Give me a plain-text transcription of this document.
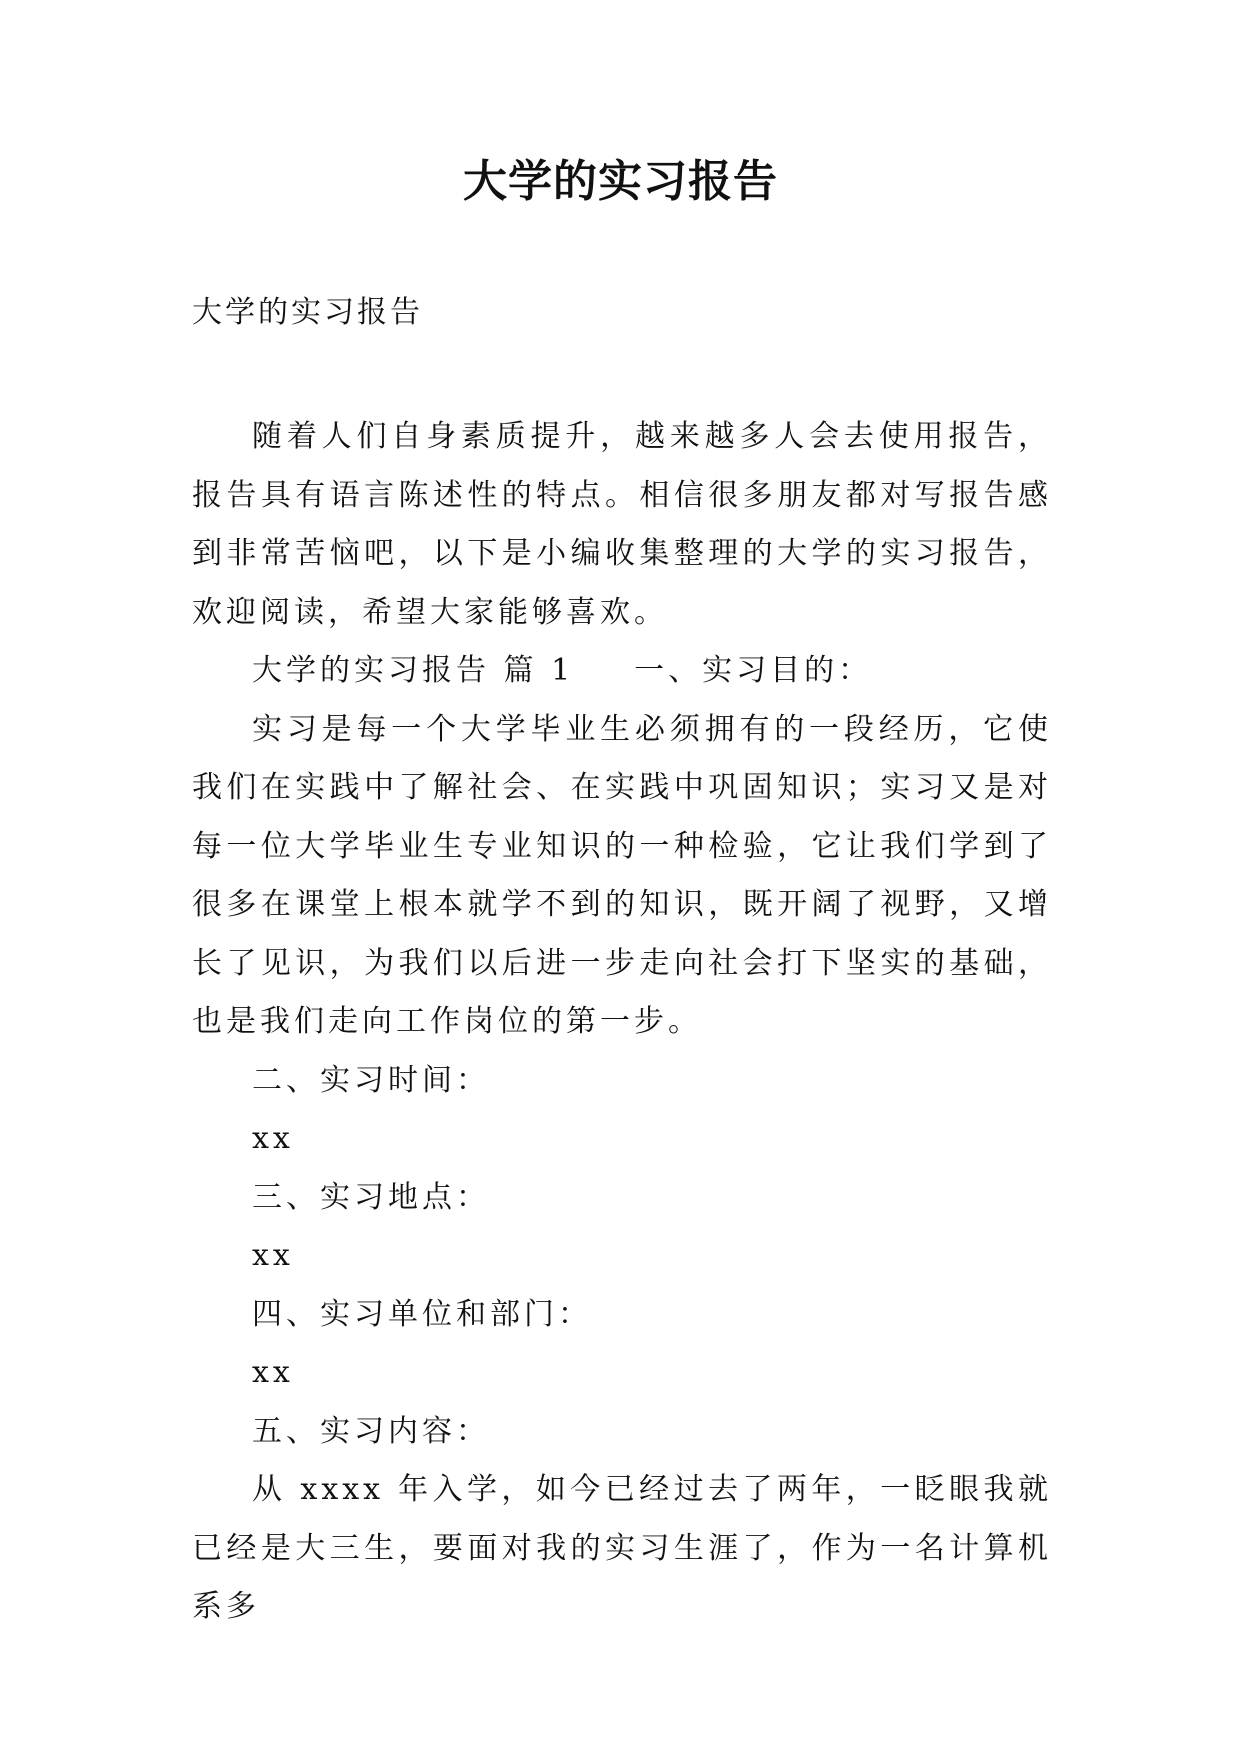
大学的实习报告
大学的实习报告

随着人们自身素质提升，越来越多人会去使用报告，报告具有语言陈述性的特点。相信很多朋友都对写报告感到非常苦恼吧，以下是小编收集整理的大学的实习报告，欢迎阅读，希望大家能够喜欢。

大学的实习报告 篇 1 一、实习目的：

实习是每一个大学毕业生必须拥有的一段经历，它使我们在实践中了解社会、在实践中巩固知识；实习又是对每一位大学毕业生专业知识的一种检验，它让我们学到了很多在课堂上根本就学不到的知识，既开阔了视野，又增长了见识，为我们以后进一步走向社会打下坚实的基础，也是我们走向工作岗位的第一步。

二、实习时间：

xx

三、实习地点：

xx

四、实习单位和部门：

xx

五、实习内容：

从 xxxx 年入学，如今已经过去了两年，一眨眼我就已经是大三生，要面对我的实习生涯了，作为一名计算机系多
